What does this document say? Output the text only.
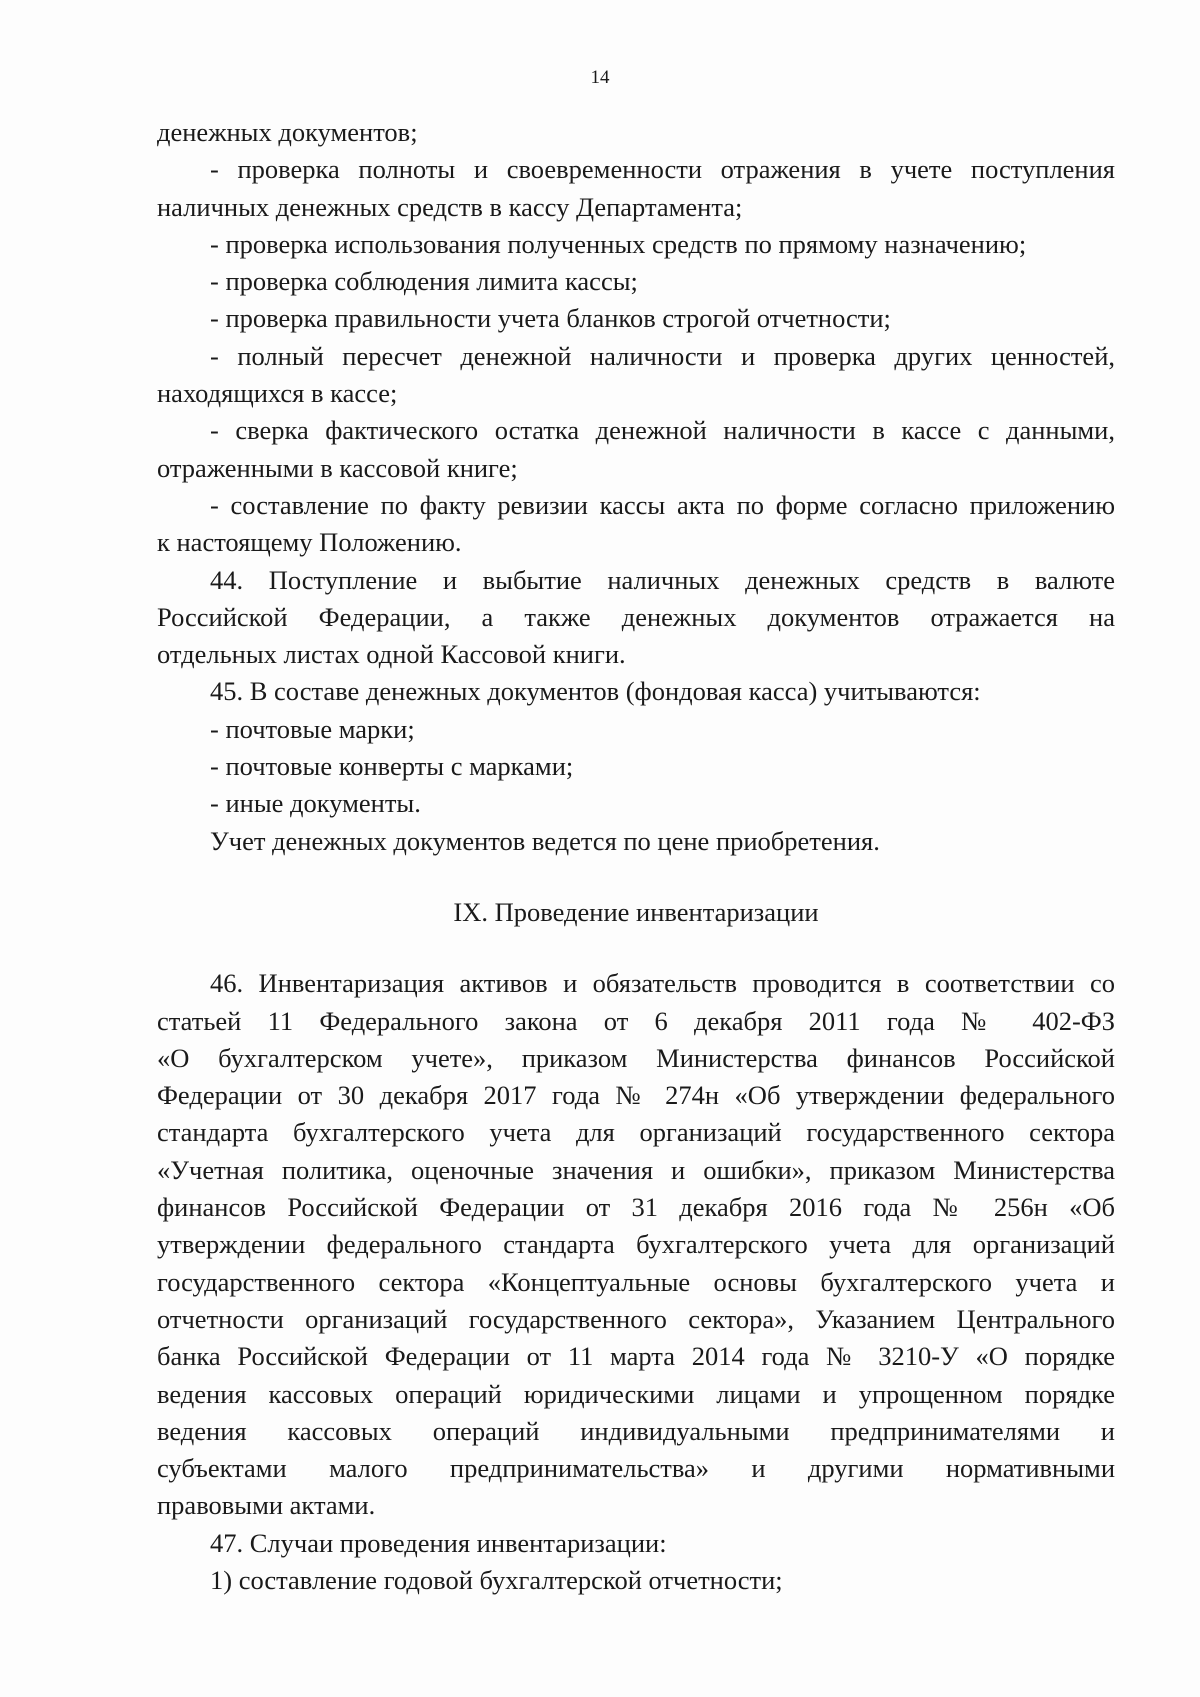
14
денежных документов;
- проверка полноты и своевременности отражения в учете поступления
наличных денежных средств в кассу Департамента;
- проверка использования полученных средств по прямому назначению;
- проверка соблюдения лимита кассы;
- проверка правильности учета бланков строгой отчетности;
- полный пересчет денежной наличности и проверка других ценностей,
находящихся в кассе;
- сверка фактического остатка денежной наличности в кассе с данными,
отраженными в кассовой книге;
- составление по факту ревизии кассы акта по форме согласно приложению
к настоящему Положению.
44. Поступление и выбытие наличных денежных средств в валюте
Российской Федерации, а также денежных документов отражается на
отдельных листах одной Кассовой книги.
45. В составе денежных документов (фондовая касса) учитываются:
- почтовые марки;
- почтовые конверты с марками;
- иные документы.
Учет денежных документов ведется по цене приобретения.
IX. Проведение инвентаризации
46. Инвентаризация активов и обязательств проводится в соответствии со
статьей 11 Федерального закона от 6 декабря 2011 года № 402-ФЗ
«О бухгалтерском учете», приказом Министерства финансов Российской
Федерации от 30 декабря 2017 года № 274н «Об утверждении федерального
стандарта бухгалтерского учета для организаций государственного сектора
«Учетная политика, оценочные значения и ошибки», приказом Министерства
финансов Российской Федерации от 31 декабря 2016 года № 256н «Об
утверждении федерального стандарта бухгалтерского учета для организаций
государственного сектора «Концептуальные основы бухгалтерского учета и
отчетности организаций государственного сектора», Указанием Центрального
банка Российской Федерации от 11 марта 2014 года № 3210-У «О порядке
ведения кассовых операций юридическими лицами и упрощенном порядке
ведения кассовых операций индивидуальными предпринимателями и
субъектами малого предпринимательства» и другими нормативными
правовыми актами.
47. Случаи проведения инвентаризации:
1) составление годовой бухгалтерской отчетности;
